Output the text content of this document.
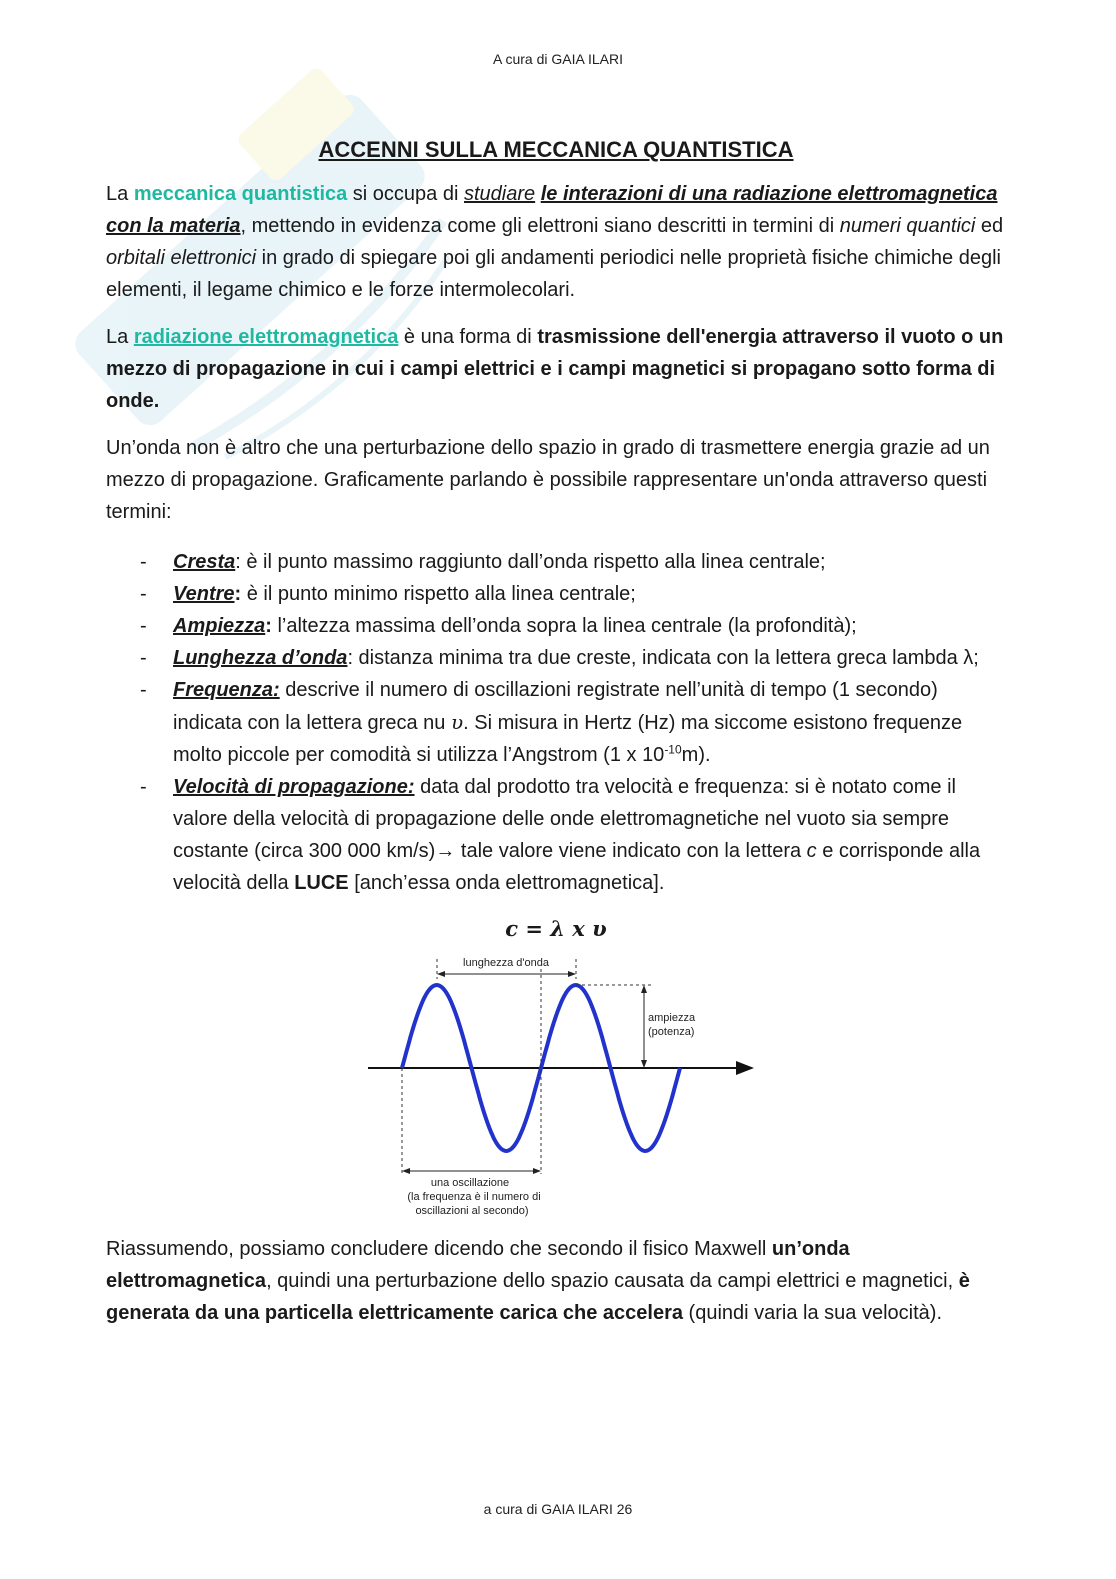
A cura di GAIA ILARI
ACCENNI SULLA MECCANICA QUANTISTICA

La meccanica quantistica si occupa di studiare le interazioni di una radiazione elettromagnetica con la materia, mettendo in evidenza come gli elettroni siano descritti in termini di numeri quantici ed orbitali elettronici in grado di spiegare poi gli andamenti periodici nelle proprietà fisiche chimiche degli elementi, il legame chimico e le forze intermolecolari.

La radiazione elettromagnetica è una forma di trasmissione dell'energia attraverso il vuoto o un mezzo di propagazione in cui i campi elettrici e i campi magnetici si propagano sotto forma di onde.

Un’onda non è altro che una perturbazione dello spazio in grado di trasmettere energia grazie ad un mezzo di propagazione. Graficamente parlando è possibile rappresentare un'onda attraverso questi termini:

- Cresta: è il punto massimo raggiunto dall’onda rispetto alla linea centrale;
- Ventre: è il punto minimo rispetto alla linea centrale;
- Ampiezza: l’altezza massima dell’onda sopra la linea centrale (la profondità);
- Lunghezza d’onda: distanza minima tra due creste, indicata con la lettera greca lambda λ;
- Frequenza: descrive il numero di oscillazioni registrate nell’unità di tempo (1 secondo) indicata con la lettera greca nu υ. Si misura in Hertz (Hz) ma siccome esistono frequenze molto piccole per comodità si utilizza l’Angstrom (1 x $10^{-10}m$).
- Velocità di propagazione: data dal prodotto tra velocità e frequenza: si è notato come il valore della velocità di propagazione delle onde elettromagnetiche nel vuoto sia sempre costante (circa 300 000 km/s)→ tale valore viene indicato con la lettera c e corrisponde alla velocità della LUCE [anch’essa onda elettromagnetica].
c = λ x υ
lunghezza d'onda
ampiezza
(potenza)
una oscillazione
(la frequenza è il numero di
oscillazioni al secondo)

Riassumendo, possiamo concludere dicendo che secondo il fisico Maxwell un’onda elettromagnetica, quindi una perturbazione dello spazio causata da campi elettrici e magnetici, è generata da una particella elettricamente carica che accelera (quindi varia la sua velocità).

a cura di GAIA ILARI 26
